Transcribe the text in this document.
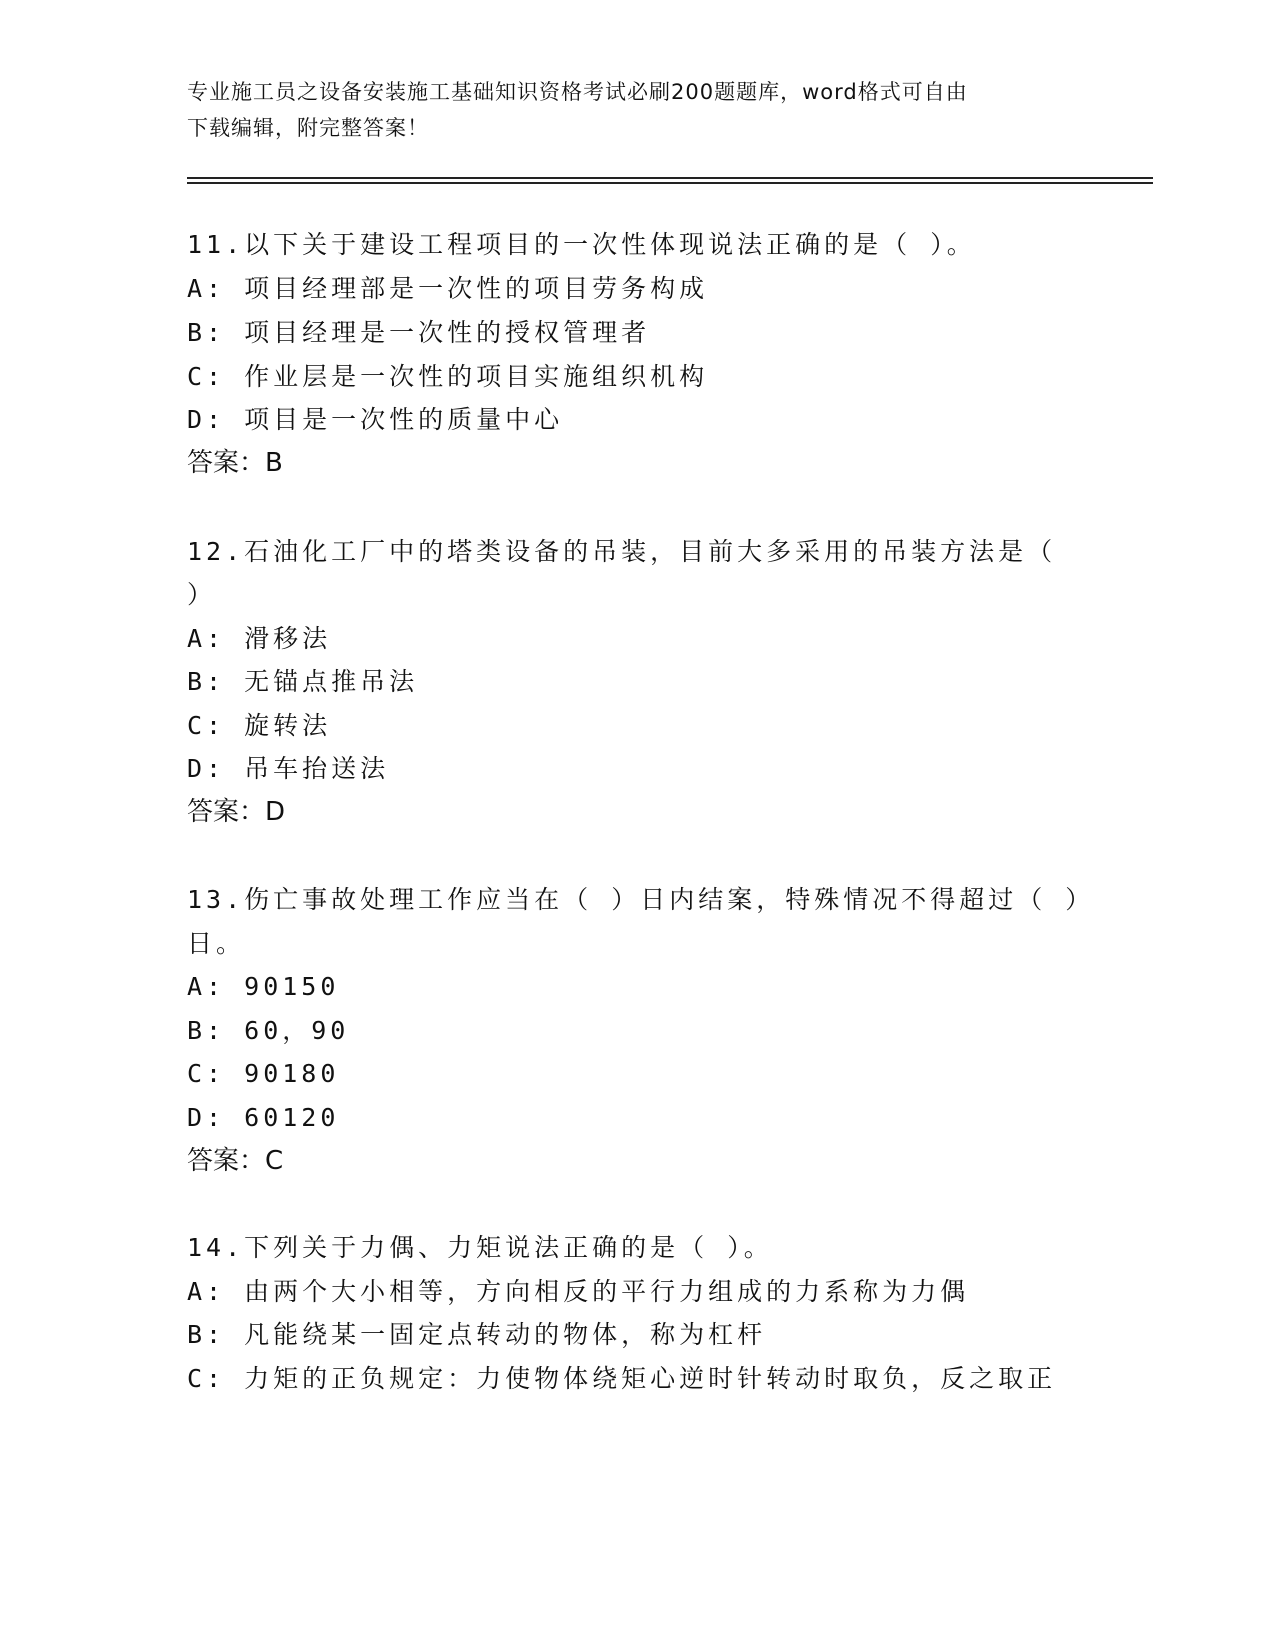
专业施工员之设备安装施工基础知识资格考试必刷200题题库，word格式可自由
下载编辑，附完整答案！
11.以下关于建设工程项目的一次性体现说法正确的是（ ）。
A: 项目经理部是一次性的项目劳务构成
B: 项目经理是一次性的授权管理者
C: 作业层是一次性的项目实施组织机构
D: 项目是一次性的质量中心
答案：B
12.石油化工厂中的塔类设备的吊装，目前大多采用的吊装方法是（
）
A: 滑移法
B: 无锚点推吊法
C: 旋转法
D: 吊车抬送法
答案：D
13.伤亡事故处理工作应当在（ ）日内结案，特殊情况不得超过（ ）
日。
A: 90150
B: 60，90
C: 90180
D: 60120
答案：C
14.下列关于力偶、力矩说法正确的是（ ）。
A: 由两个大小相等，方向相反的平行力组成的力系称为力偶
B: 凡能绕某一固定点转动的物体，称为杠杆
C: 力矩的正负规定：力使物体绕矩心逆时针转动时取负，反之取正
